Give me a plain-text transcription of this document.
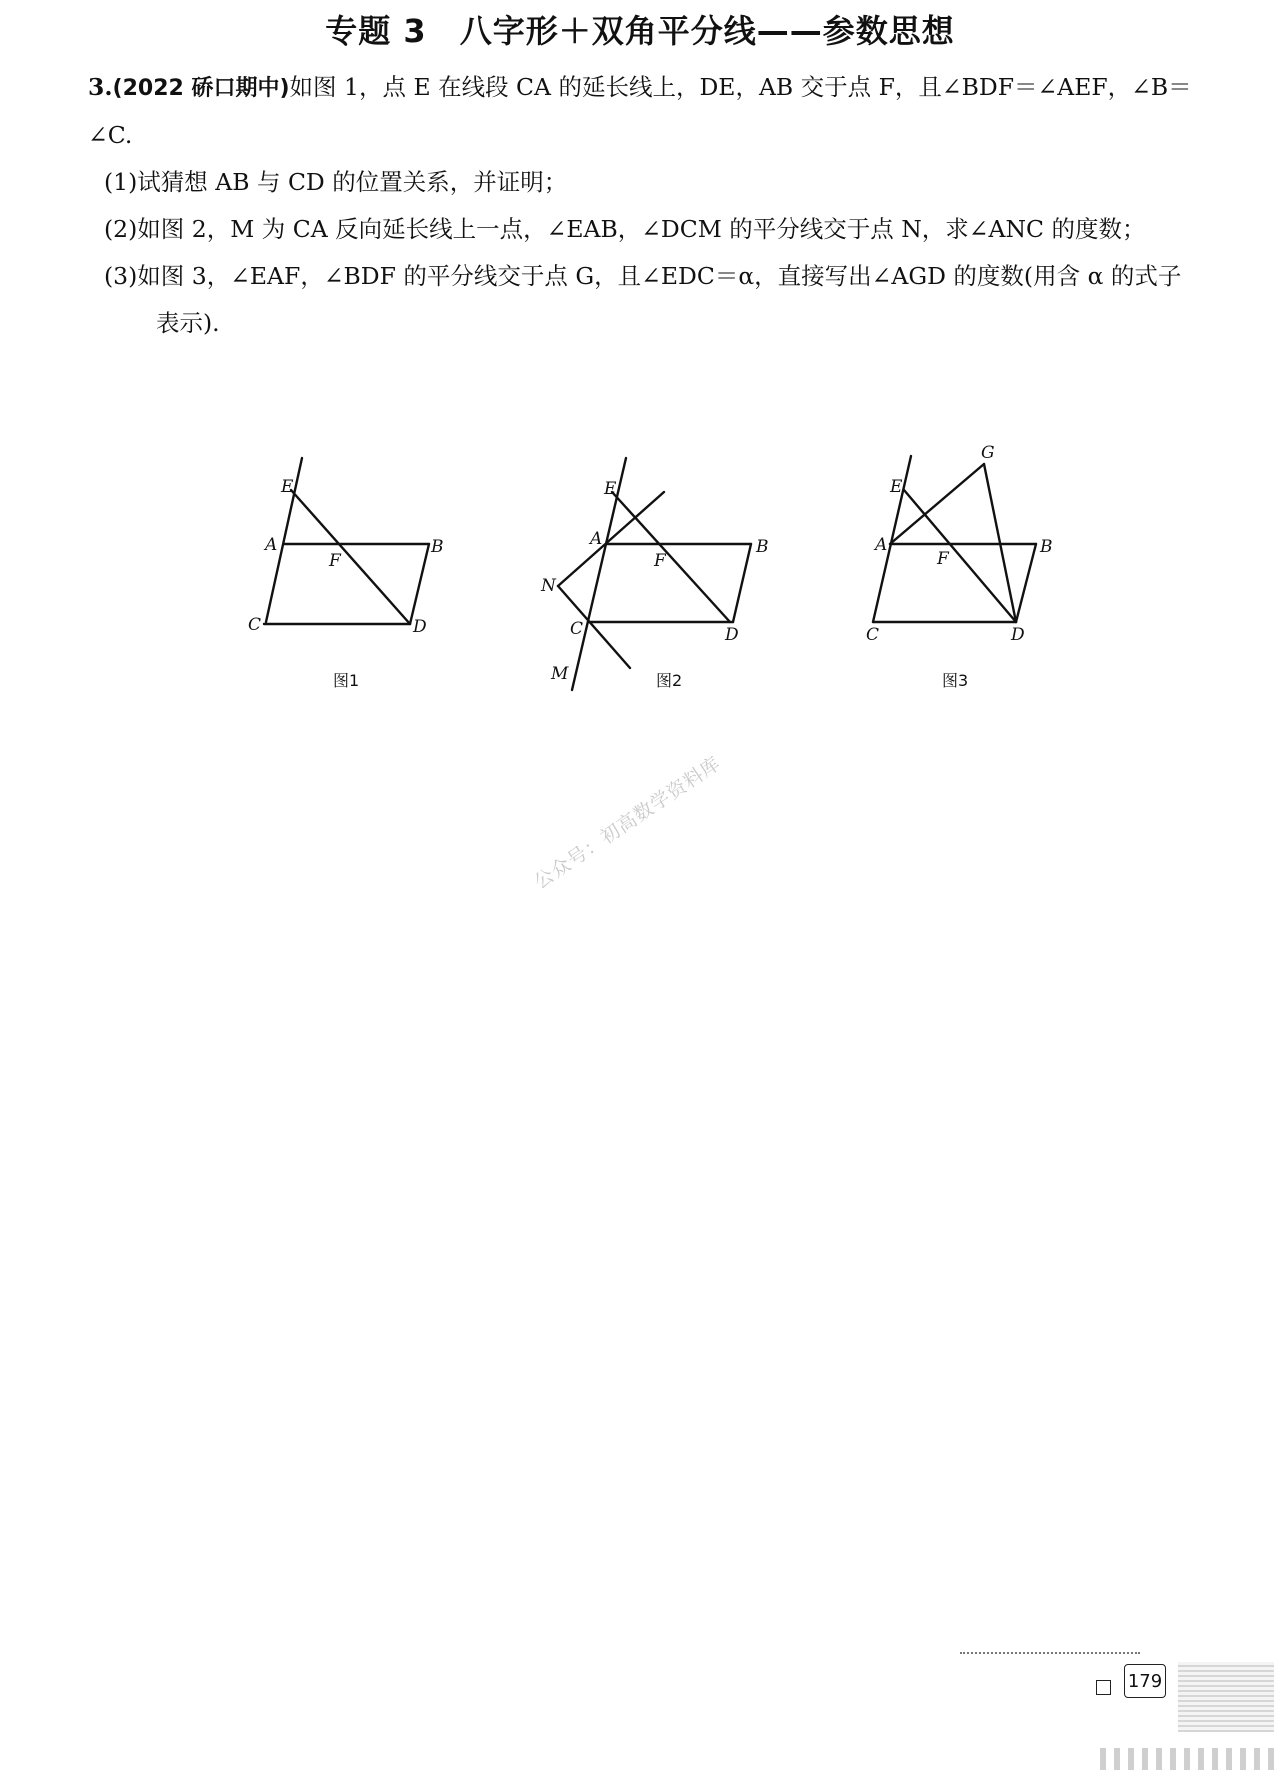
专题 3　八字形＋双角平分线——参数思想

3.(2022 硚口期中)如图 1，点 E 在线段 CA 的延长线上，DE，AB 交于点 F，且∠BDF＝∠AEF，∠B＝∠C.

(1)试猜想 AB 与 CD 的位置关系，并证明；

(2)如图 2，M 为 CA 反向延长线上一点，∠EAB，∠DCM 的平分线交于点 N，求∠ANC 的度数；

(3)如图 3，∠EAF，∠BDF 的平分线交于点 G，且∠EDC＝α，直接写出∠AGD 的度数(用含 α 的式子表示).

E
A
F
B
C	D
图1
E
A
F
B
N
C	D
M	图2
G
E
A
F
B
C	D
图3
公众号：初高数学资料库
179
